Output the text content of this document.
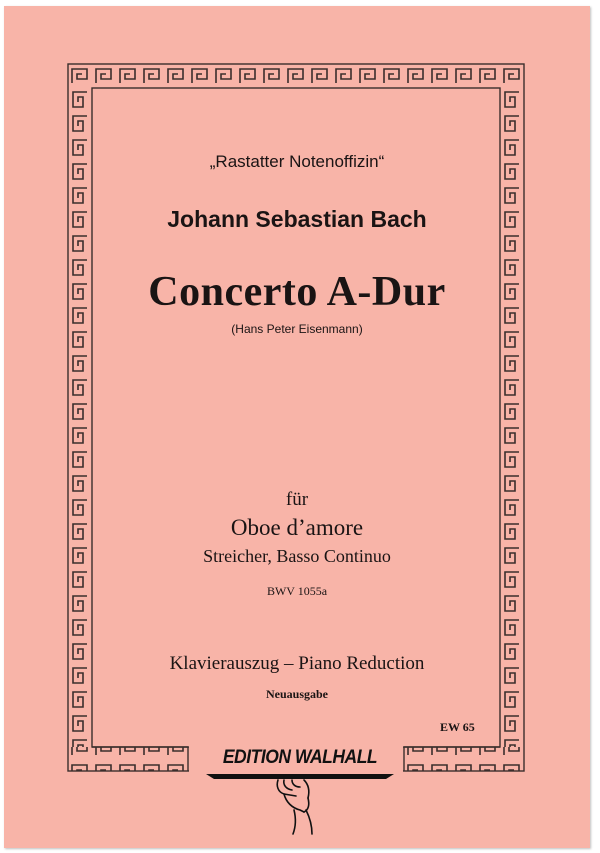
„Rastatter Notenoffizin“
Johann Sebastian Bach
Concerto A-Dur
(Hans Peter Eisenmann)
für
Oboe d’amore
Streicher, Basso Continuo
BWV 1055a
Klavierauszug – Piano Reduction
Neuausgabe
EW 65
EDITION WALHALL
